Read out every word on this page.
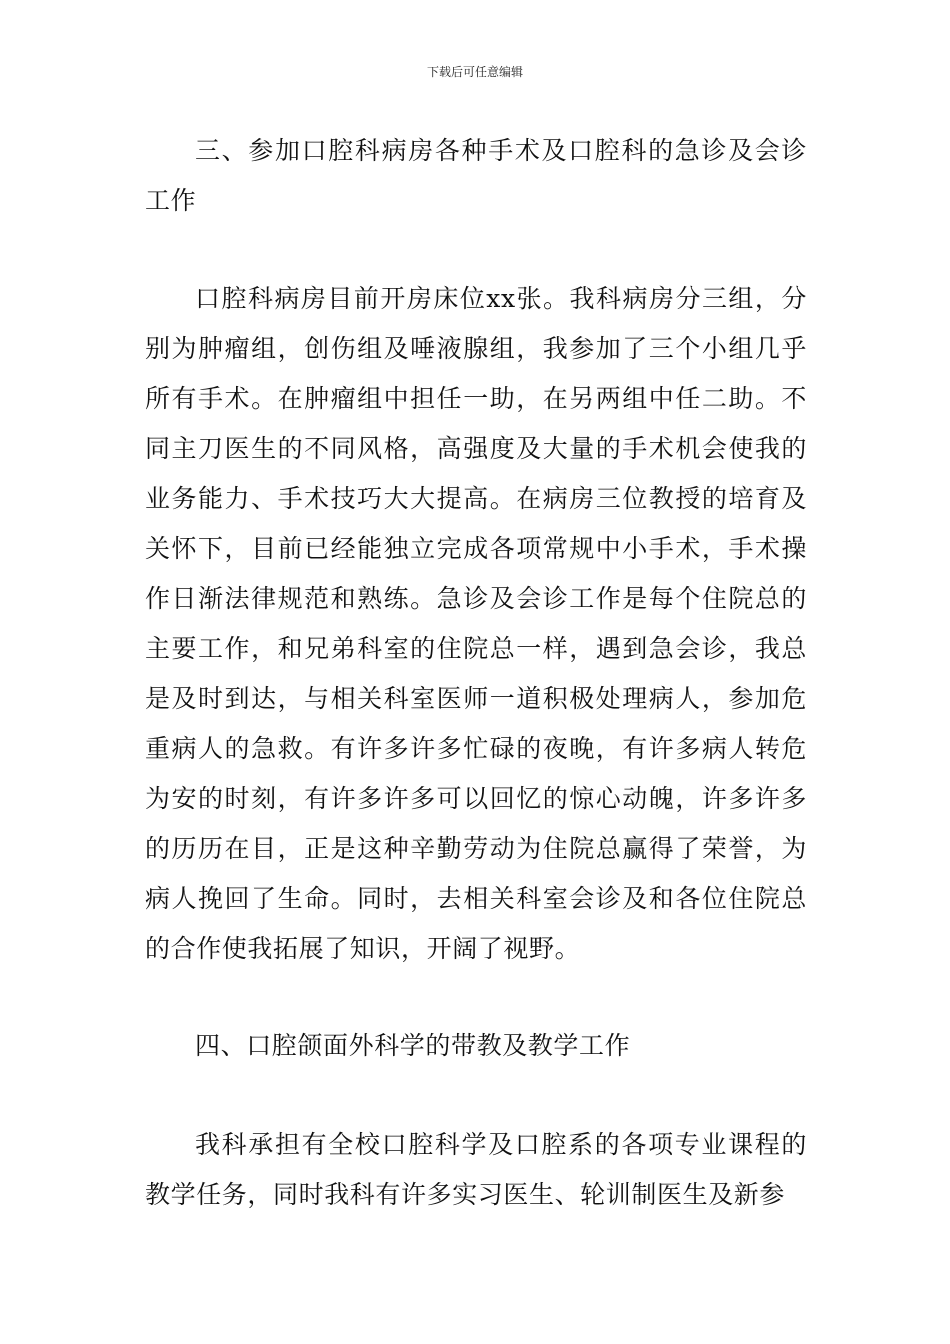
下载后可任意编辑

三、参加口腔科病房各种手术及口腔科的急诊及会诊工作

口腔科病房目前开房床位xx张。我科病房分三组，分别为肿瘤组，创伤组及唾液腺组，我参加了三个小组几乎所有手术。在肿瘤组中担任一助，在另两组中任二助。不同主刀医生的不同风格，高强度及大量的手术机会使我的业务能力、手术技巧大大提高。在病房三位教授的培育及关怀下，目前已经能独立完成各项常规中小手术，手术操作日渐法律规范和熟练。急诊及会诊工作是每个住院总的主要工作，和兄弟科室的住院总一样，遇到急会诊，我总是及时到达，与相关科室医师一道积极处理病人，参加危重病人的急救。有许多许多忙碌的夜晚，有许多病人转危为安的时刻，有许多许多可以回忆的惊心动魄，许多许多的历历在目，正是这种辛勤劳动为住院总赢得了荣誉，为病人挽回了生命。同时，去相关科室会诊及和各位住院总的合作使我拓展了知识，开阔了视野。

四、口腔颌面外科学的带教及教学工作

我科承担有全校口腔科学及口腔系的各项专业课程的教学任务，同时我科有许多实习医生、轮训制医生及新参
